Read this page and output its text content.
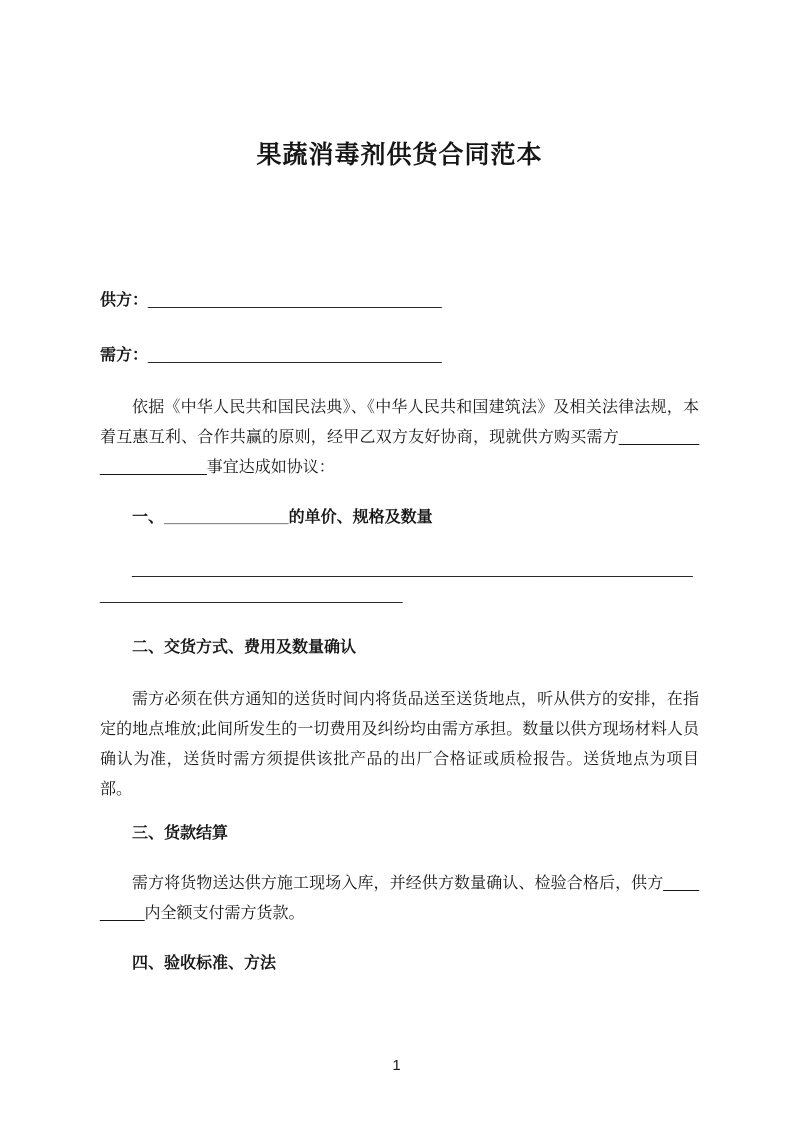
果蔬消毒剂供货合同范本

供方：_________________________________

需方：_________________________________

依据《中华人民共和国民法典》、《中华人民共和国建筑法》及相关法律法规，本着互惠互利、合作共赢的原则，经甲乙双方友好协商，现就供方购买需方_____________________事宜达成如协议：

一、______________的单价、规格及数量

_________________________________________________________________________________________________

二、交货方式、费用及数量确认

需方必须在供方通知的送货时间内将货品送至送货地点，听从供方的安排，在指定的地点堆放;此间所发生的一切费用及纠纷均由需方承担。数量以供方现场材料人员确认为准，送货时需方须提供该批产品的出厂合格证或质检报告。送货地点为项目部。

三、货款结算

需方将货物送达供方施工现场入库，并经供方数量确认、检验合格后，供方_________内全额支付需方货款。

四、验收标准、方法
1
